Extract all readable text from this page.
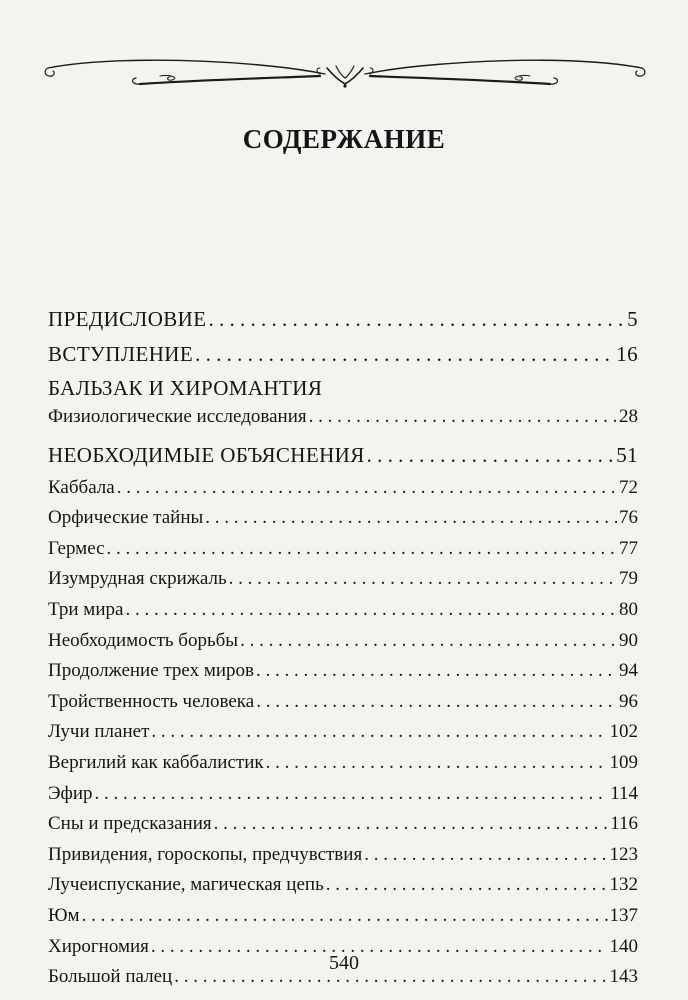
СОДЕРЖАНИЕ
ПРЕДИСЛОВИЕ . . .	5
ВСТУПЛЕНИЕ . . .	16
БАЛЬЗАК И ХИРОМАНТИЯ
Физиологические исследования . . .	28
НЕОБХОДИМЫЕ ОБЪЯСНЕНИЯ . . .	51
Каббала . . .	72
Орфические тайны . . .	76
Гермес . . .	77
Изумрудная скрижаль . . .	79
Три мира . . .	80
Необходимость борьбы . . .	90
Продолжение трех миров . . .	94
Тройственность человека . . .	96
Лучи планет . . .	102
Вергилий как каббалистик . . .	109
Эфир . . .	114
Сны и предсказания . . .	116
Привидения, гороскопы, предчувствия . . .	123
Лучеиспускание, магическая цепь . . .	132
Юм . . .	137
Хирогномия . . .	140
Большой палец . . .	143
540
